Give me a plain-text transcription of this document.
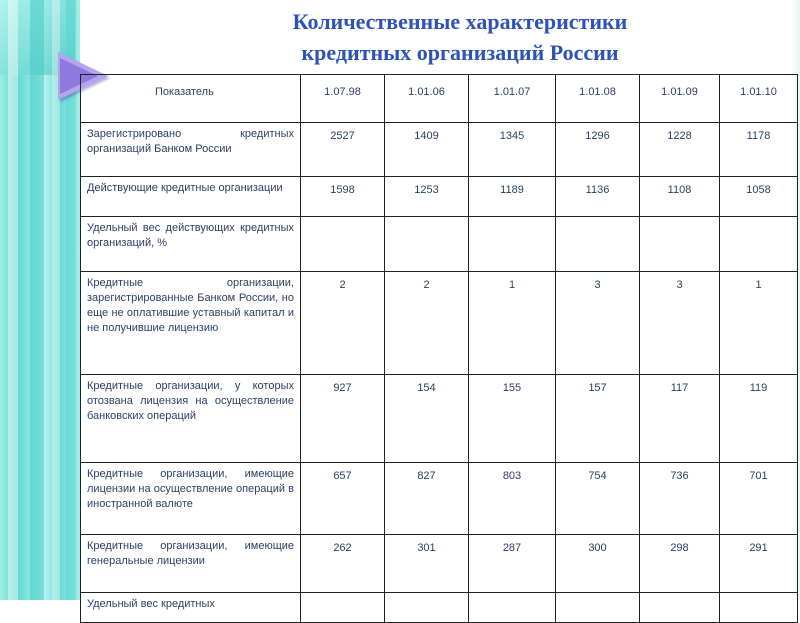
Количественные характеристики
кредитных организаций России
Показатель	1.07.98	1.01.06	1.01.07	1.01.08	1.01.09	1.01.10
Зарегистрировано кредитных организаций Банком России	2527	1409	1345	1296	1228	1178
Действующие кредитные организации	1598	1253	1189	1136	1108	1058
Удельный вес действующих кредитных организаций, %						
Кредитные организации, зарегистрированные Банком России, но еще не оплатившие уставный капитал и не получившие лицензию	2	2	1	3	3	1
Кредитные организации, у которых отозвана лицензия на осуществление банковских операций	927	154	155	157	117	119
Кредитные организации, имеющие лицензии на осуществление операций в иностранной валюте	657	827	803	754	736	701
Кредитные организации, имеющие генеральные лицензии	262	301	287	300	298	291
Удельный вес кредитных						
